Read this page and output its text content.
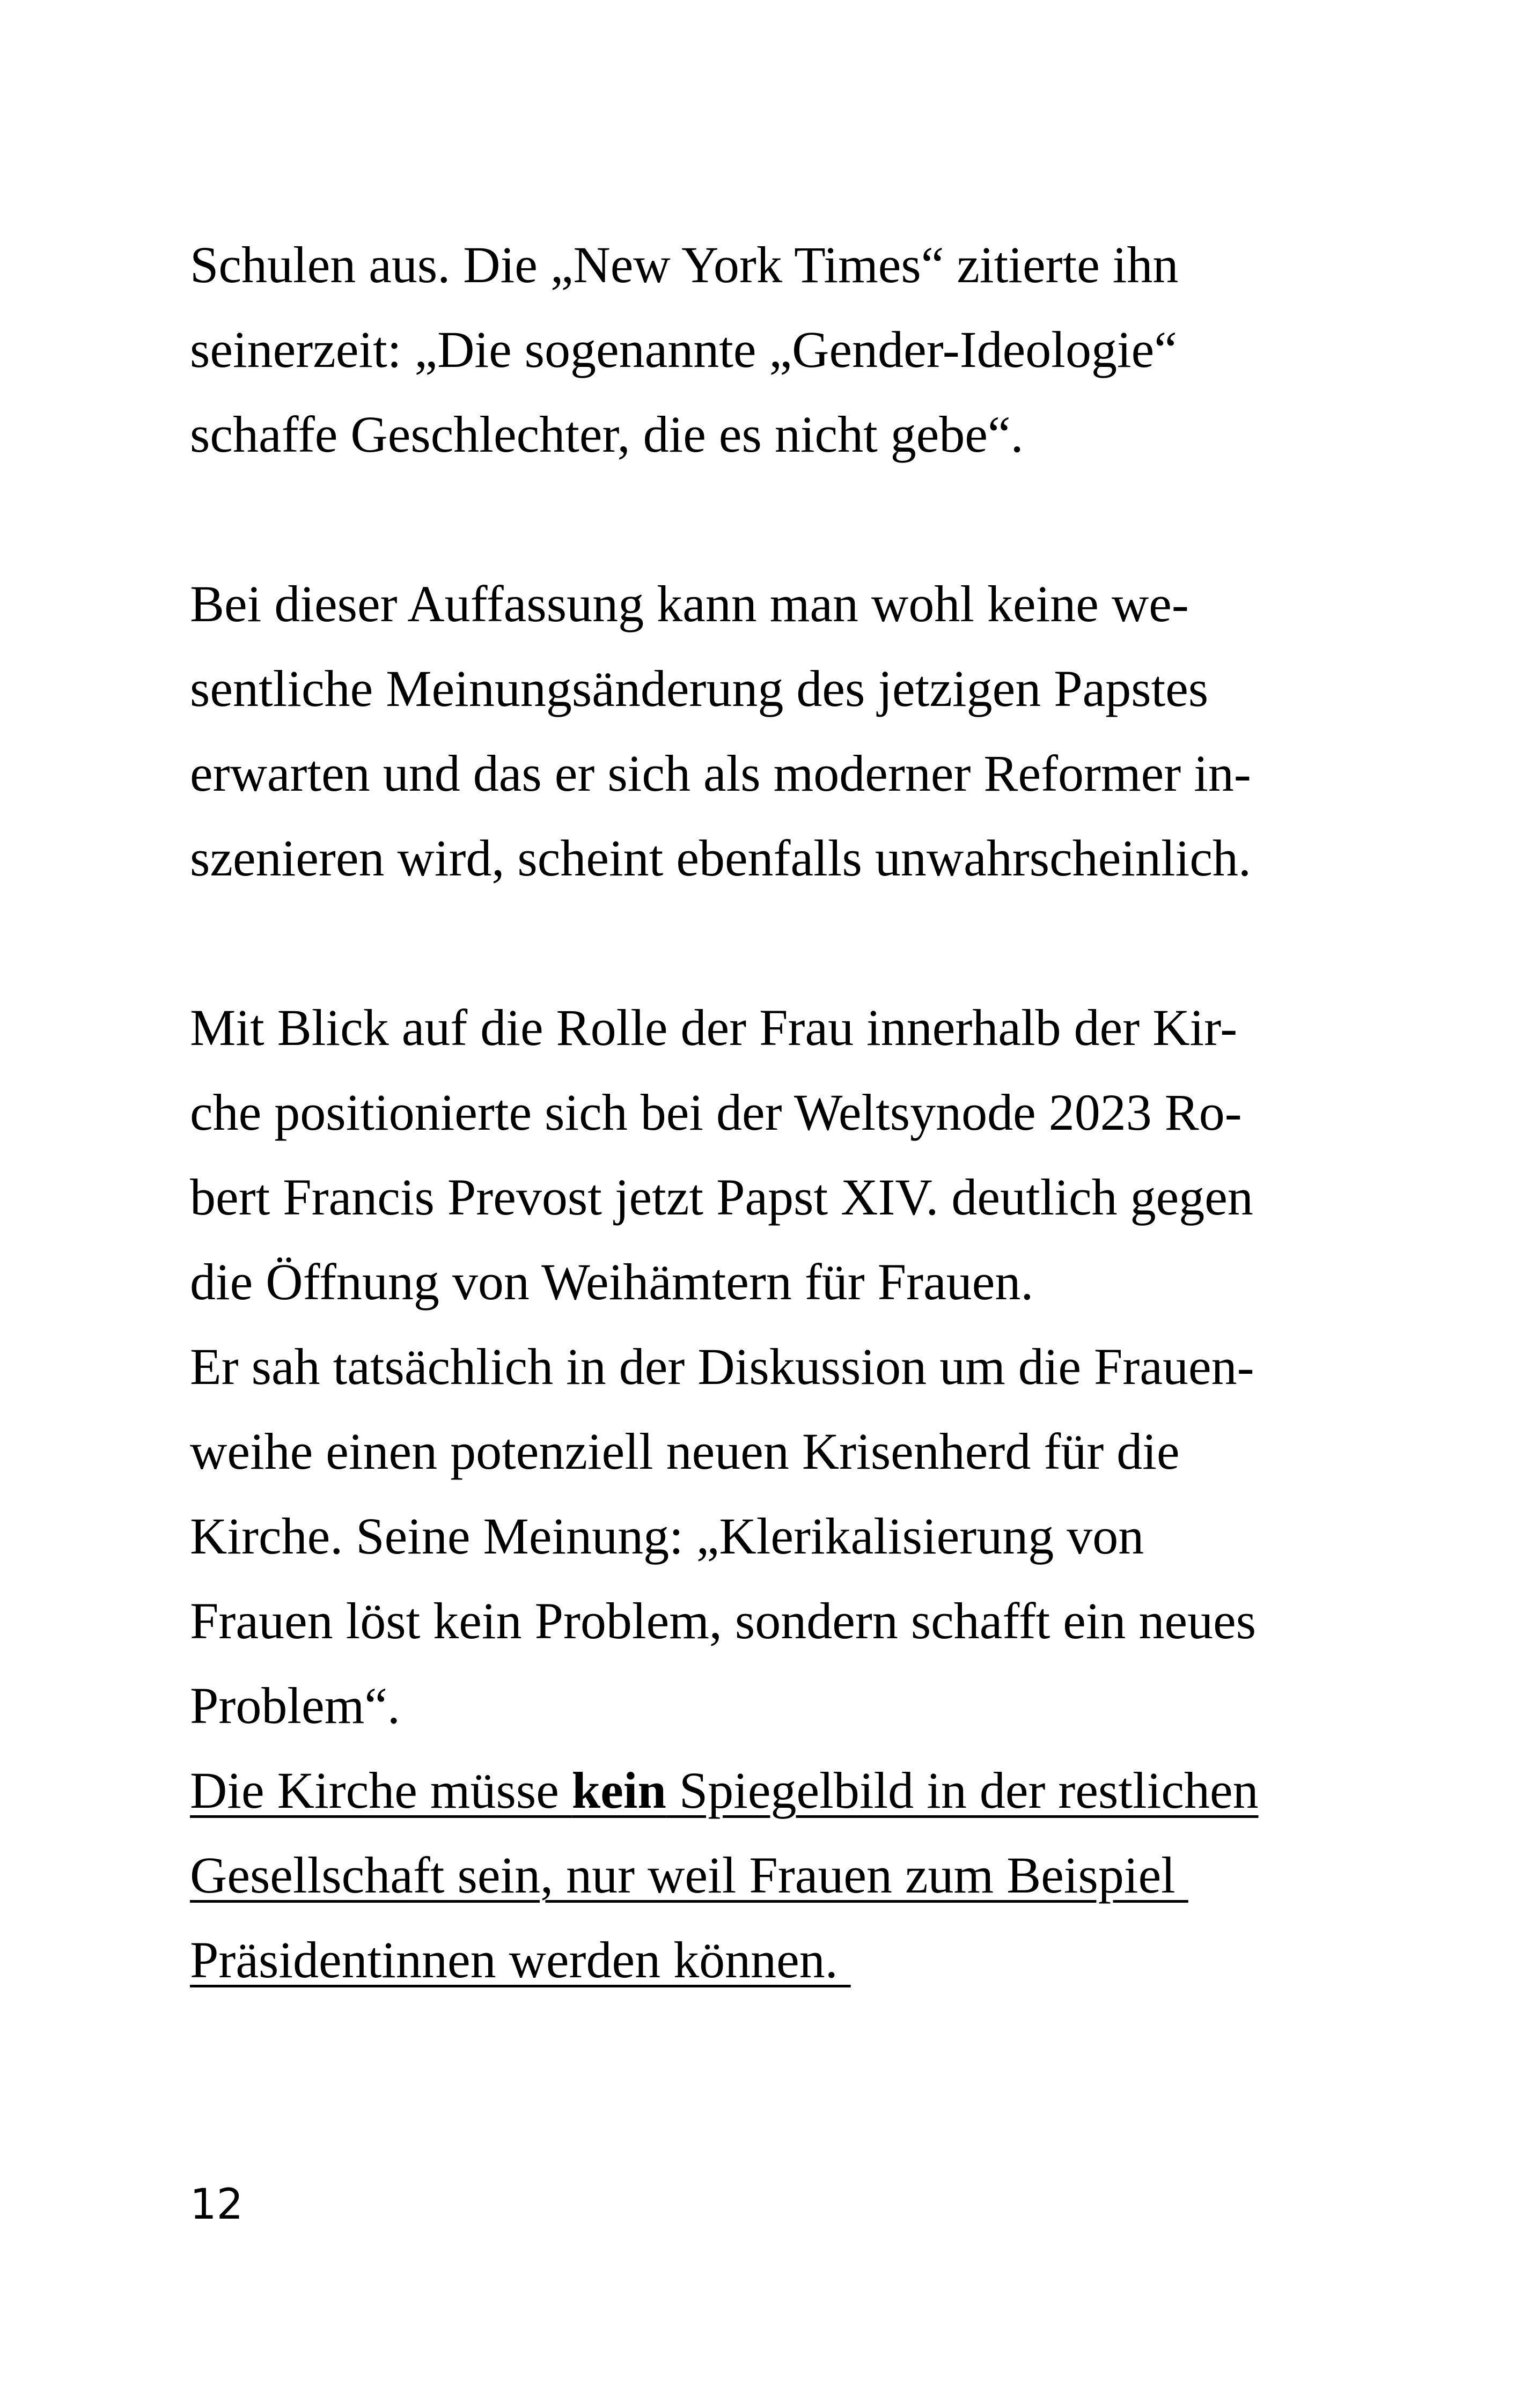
Schulen aus. Die „New York Times“ zitierte ihn
seinerzeit: „Die sogenannte „Gender-Ideologie“
schaffe Geschlechter, die es nicht gebe“.
Bei dieser Auffassung kann man wohl keine we-
sentliche Meinungsänderung des jetzigen Papstes
erwarten und das er sich als moderner Reformer in-
szenieren wird, scheint ebenfalls unwahrscheinlich.
Mit Blick auf die Rolle der Frau innerhalb der Kir-
che positionierte sich bei der Weltsynode 2023 Ro-
bert Francis Prevost jetzt Papst XIV. deutlich gegen
die Öffnung von Weihämtern für Frauen.
Er sah tatsächlich in der Diskussion um die Frauen-
weihe einen potenziell neuen Krisenherd für die
Kirche. Seine Meinung: „Klerikalisierung von
Frauen löst kein Problem, sondern schafft ein neues
Problem“.
Die Kirche müsse kein Spiegelbild in der restlichen
Gesellschaft sein, nur weil Frauen zum Beispiel
Präsidentinnen werden können.
12
